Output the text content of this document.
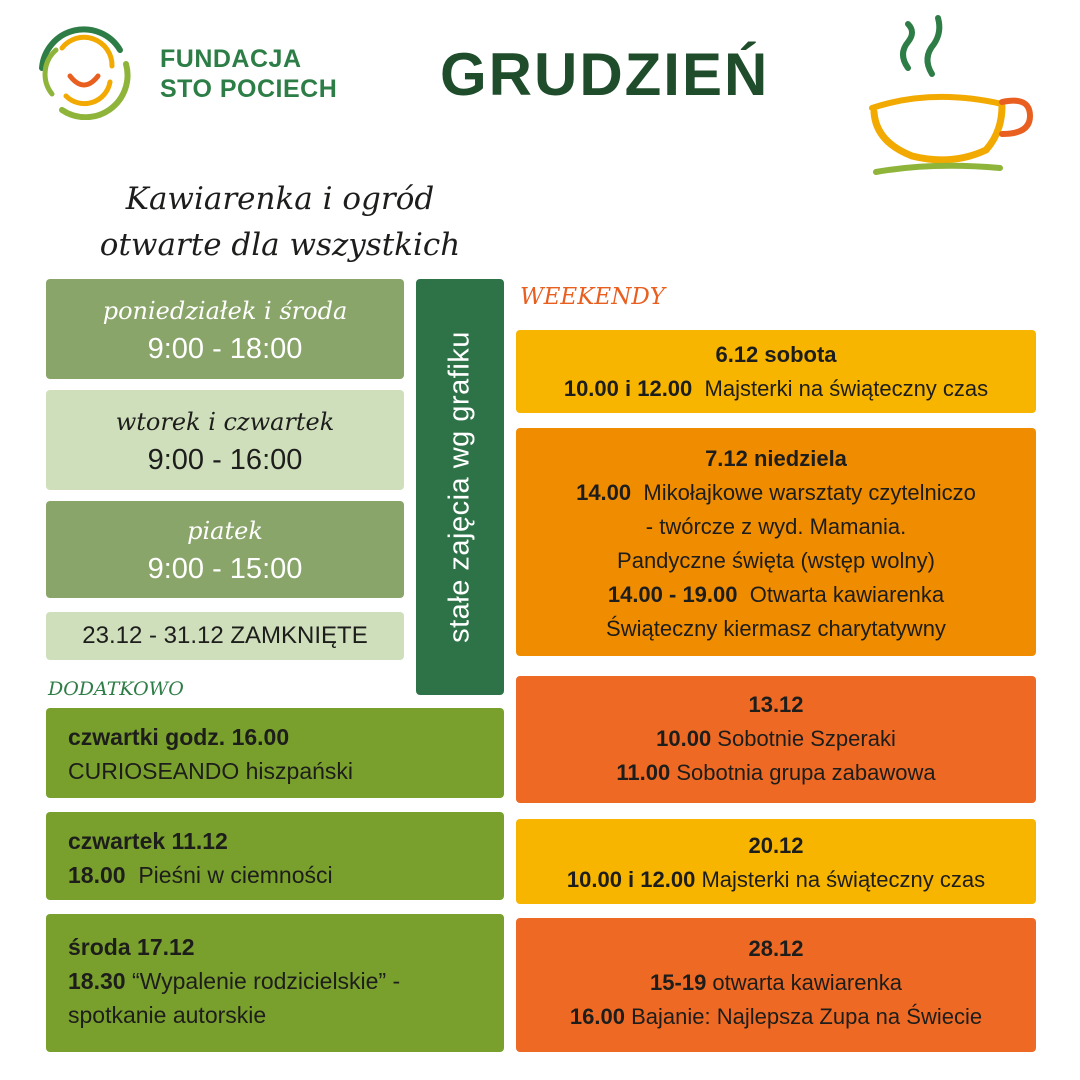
FUNDACJA
STO POCIECH GRUDZIEŃ
Kawiarenka i ogród
otwarte dla wszystkich
poniedziałek i środa
9:00 - 18:00
wtorek i czwartek
9:00 - 16:00
piatek
9:00 - 15:00
23.12 - 31.12 ZAMKNIĘTE	stałe zajęcia wg grafiku
DODATKOWO
czwartki godz. 16.00
CURIOSEANDO hiszpański
czwartek 11.12
18.00  Pieśni w ciemności
środa 17.12
18.30 “Wypalenie rodzicielskie” -
spotkanie autorskie
WEEKENDY
6.12 sobota
10.00 i 12.00  Majsterki na świąteczny czas
7.12 niedziela
14.00  Mikołajkowe warsztaty czytelniczo
- twórcze z wyd. Mamania.
Pandyczne święta (wstęp wolny)
14.00 - 19.00  Otwarta kawiarenka
Świąteczny kiermasz charytatywny
13.12
10.00 Sobotnie Szperaki
11.00 Sobotnia grupa zabawowa
20.12
10.00 i 12.00 Majsterki na świąteczny czas
28.12
15-19 otwarta kawiarenka
16.00 Bajanie: Najlepsza Zupa na Świecie
